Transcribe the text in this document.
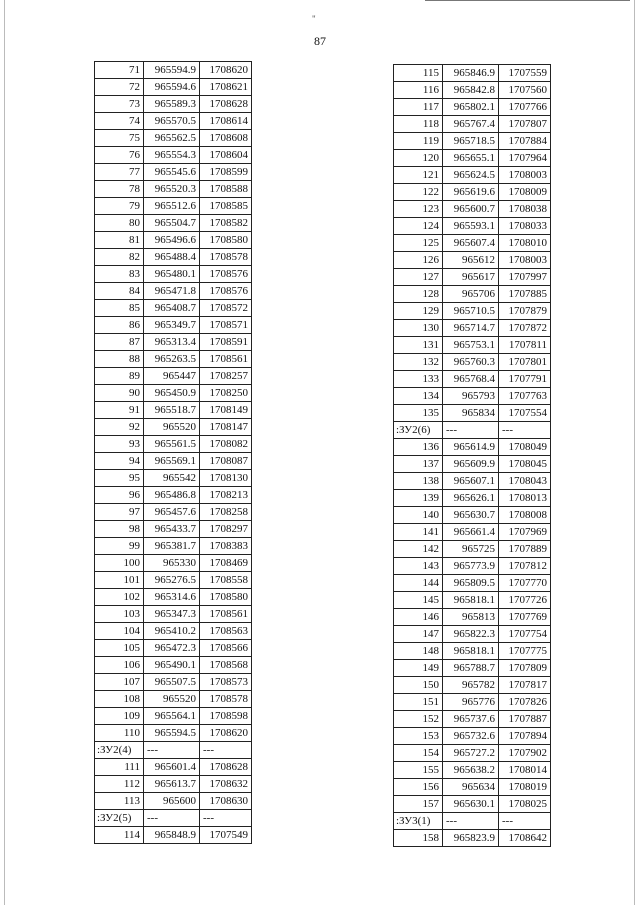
"
87
71	965594.9	1708620
72	965594.6	1708621
73	965589.3	1708628
74	965570.5	1708614
75	965562.5	1708608
76	965554.3	1708604
77	965545.6	1708599
78	965520.3	1708588
79	965512.6	1708585
80	965504.7	1708582
81	965496.6	1708580
82	965488.4	1708578
83	965480.1	1708576
84	965471.8	1708576
85	965408.7	1708572
86	965349.7	1708571
87	965313.4	1708591
88	965263.5	1708561
89	965447	1708257
90	965450.9	1708250
91	965518.7	1708149
92	965520	1708147
93	965561.5	1708082
94	965569.1	1708087
95	965542	1708130
96	965486.8	1708213
97	965457.6	1708258
98	965433.7	1708297
99	965381.7	1708383
100	965330	1708469
101	965276.5	1708558
102	965314.6	1708580
103	965347.3	1708561
104	965410.2	1708563
105	965472.3	1708566
106	965490.1	1708568
107	965507.5	1708573
108	965520	1708578
109	965564.1	1708598
110	965594.5	1708620
:ЗУ2(4)	---	---
111	965601.4	1708628
112	965613.7	1708632
113	965600	1708630
:ЗУ2(5)	---	---
114	965848.9	1707549
115	965846.9	1707559
116	965842.8	1707560
117	965802.1	1707766
118	965767.4	1707807
119	965718.5	1707884
120	965655.1	1707964
121	965624.5	1708003
122	965619.6	1708009
123	965600.7	1708038
124	965593.1	1708033
125	965607.4	1708010
126	965612	1708003
127	965617	1707997
128	965706	1707885
129	965710.5	1707879
130	965714.7	1707872
131	965753.1	1707811
132	965760.3	1707801
133	965768.4	1707791
134	965793	1707763
135	965834	1707554
:ЗУ2(6)	---	---
136	965614.9	1708049
137	965609.9	1708045
138	965607.1	1708043
139	965626.1	1708013
140	965630.7	1708008
141	965661.4	1707969
142	965725	1707889
143	965773.9	1707812
144	965809.5	1707770
145	965818.1	1707726
146	965813	1707769
147	965822.3	1707754
148	965818.1	1707775
149	965788.7	1707809
150	965782	1707817
151	965776	1707826
152	965737.6	1707887
153	965732.6	1707894
154	965727.2	1707902
155	965638.2	1708014
156	965634	1708019
157	965630.1	1708025
:ЗУ3(1)	---	---
158	965823.9	1708642
